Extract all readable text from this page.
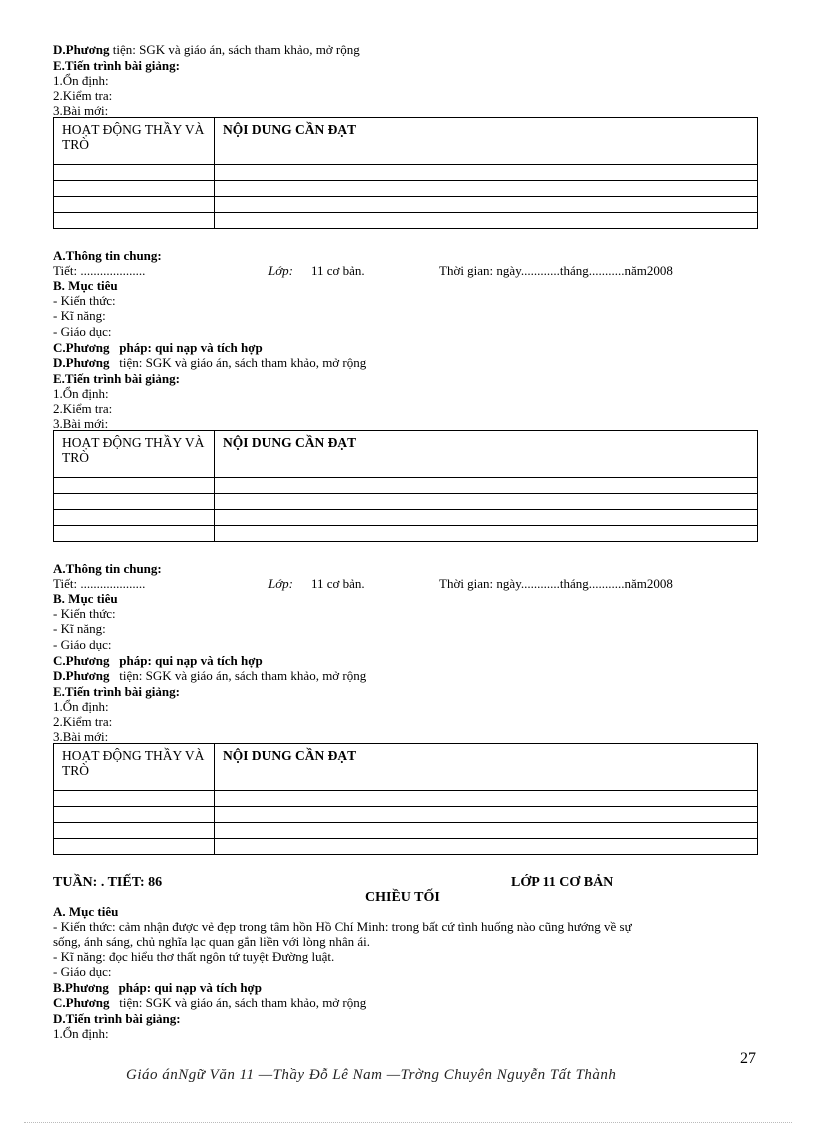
D.Phương tiện: SGK và giáo án, sách tham khảo, mở rộng
E.Tiến trình bài giảng:
1.Ổn định:
2.Kiểm tra:
3.Bài mới:
HOẠT ĐỘNG THẦY VÀ TRÒ	NỘI DUNG CẦN ĐẠT

A.Thông tin chung:
Tiết: ....................	Lớp: 11 cơ bản.	Thời gian: ngày............tháng...........năm2008
B. Mục tiêu
- Kiến thức:
- Kĩ năng:
- Giáo dục:
C.Phương pháp: qui nạp và tích hợp
D.Phương tiện: SGK và giáo án, sách tham khảo, mở rộng
E.Tiến trình bài giảng:
1.Ổn định:
2.Kiểm tra:
3.Bài mới:
HOẠT ĐỘNG THẦY VÀ TRÒ	NỘI DUNG CẦN ĐẠT

A.Thông tin chung:
Tiết: ....................	Lớp: 11 cơ bản.	Thời gian: ngày............tháng...........năm2008
B. Mục tiêu
- Kiến thức:
- Kĩ năng:
- Giáo dục:
C.Phương pháp: qui nạp và tích hợp
D.Phương tiện: SGK và giáo án, sách tham khảo, mở rộng
E.Tiến trình bài giảng:
1.Ổn định:
2.Kiểm tra:
3.Bài mới:
HOẠT ĐỘNG THẦY VÀ TRÒ	NỘI DUNG CẦN ĐẠT

TUẦN: . TIẾT: 86	LỚP 11 CƠ BẢN
CHIỀU TỐI
A. Mục tiêu
- Kiến thức: cảm nhận được vẻ đẹp trong tâm hồn Hồ Chí Minh: trong bất cứ tình huống nào cũng hướng về sự
sống, ánh sáng, chủ nghĩa lạc quan gắn liền với lòng nhân ái.
- Kĩ năng: đọc hiểu thơ thất ngôn tứ tuyệt Đường luật.
- Giáo dục:
B.Phương pháp: qui nạp và tích hợp
C.Phương tiện: SGK và giáo án, sách tham khảo, mở rộng
D.Tiến trình bài giảng:
1.Ổn định:
27
Giáo ánNgữ Văn 11 —Thầy Đỗ Lê Nam —Trờng Chuyên Nguyễn Tất Thành
